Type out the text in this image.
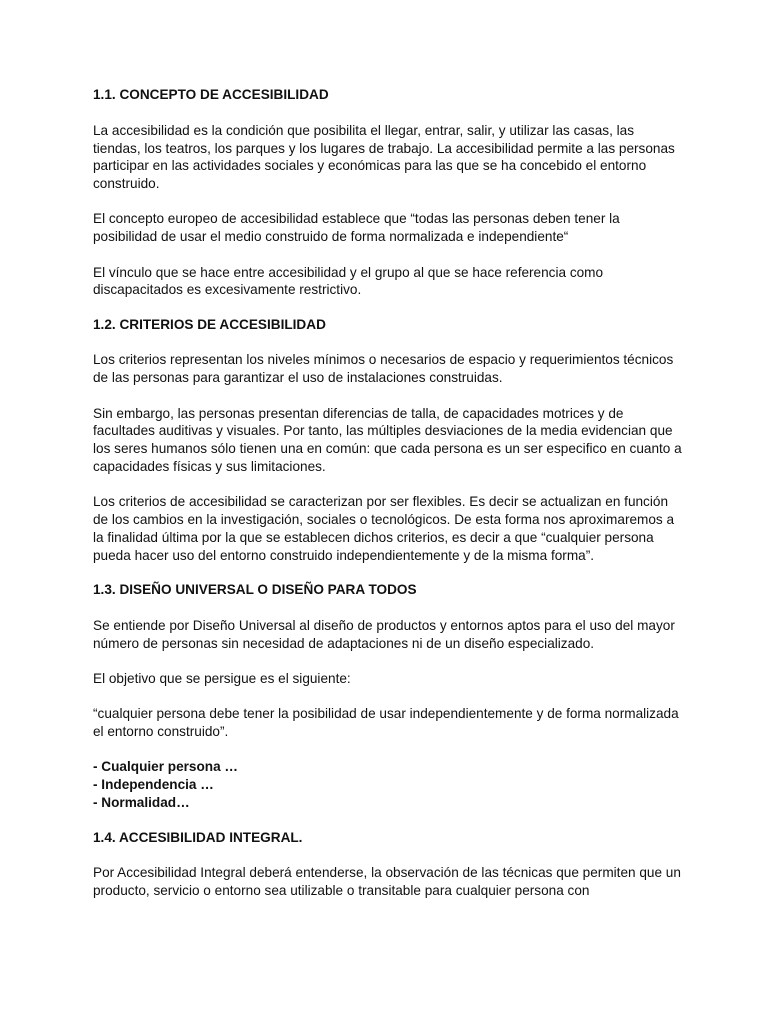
1.1. CONCEPTO DE ACCESIBILIDAD

La accesibilidad es la condición que posibilita el llegar, entrar, salir, y utilizar las casas, las tiendas, los teatros, los parques y los lugares de trabajo. La accesibilidad permite a las personas participar en las actividades sociales y económicas para las que se ha concebido el entorno construido.

El concepto europeo de accesibilidad establece que “todas las personas deben tener la posibilidad de usar el medio construido de forma normalizada e independiente“

El vínculo que se hace entre accesibilidad y el grupo al que se hace referencia como discapacitados es excesivamente restrictivo.

1.2. CRITERIOS DE ACCESIBILIDAD

Los criterios representan los niveles mínimos o necesarios de espacio y requerimientos técnicos de las personas para garantizar el uso de instalaciones construidas.

Sin embargo, las personas presentan diferencias de talla, de capacidades motrices y de facultades auditivas y visuales. Por tanto, las múltiples desviaciones de la media evidencian que los seres humanos sólo tienen una en común: que cada persona es un ser especifico en cuanto a capacidades físicas y sus limitaciones.

Los criterios de accesibilidad se caracterizan por ser flexibles. Es decir se actualizan en función de los cambios en la investigación, sociales o tecnológicos. De esta forma nos aproximaremos a la finalidad última por la que se establecen dichos criterios, es decir a que “cualquier persona pueda hacer uso del entorno construido independientemente y de la misma forma”.

1.3. DISEÑO UNIVERSAL O DISEÑO PARA TODOS

Se entiende por Diseño Universal al diseño de productos y entornos aptos para el uso del mayor número de personas sin necesidad de adaptaciones ni de un diseño especializado.

El objetivo que se persigue es el siguiente:

“cualquier persona debe tener la posibilidad de usar independientemente y de forma normalizada el entorno construido”.

- Cualquier persona …
- Independencia …
- Normalidad…
1.4. ACCESIBILIDAD INTEGRAL.

Por Accesibilidad Integral deberá entenderse, la observación de las técnicas que permiten que un producto, servicio o entorno sea utilizable o transitable para cualquier persona con
